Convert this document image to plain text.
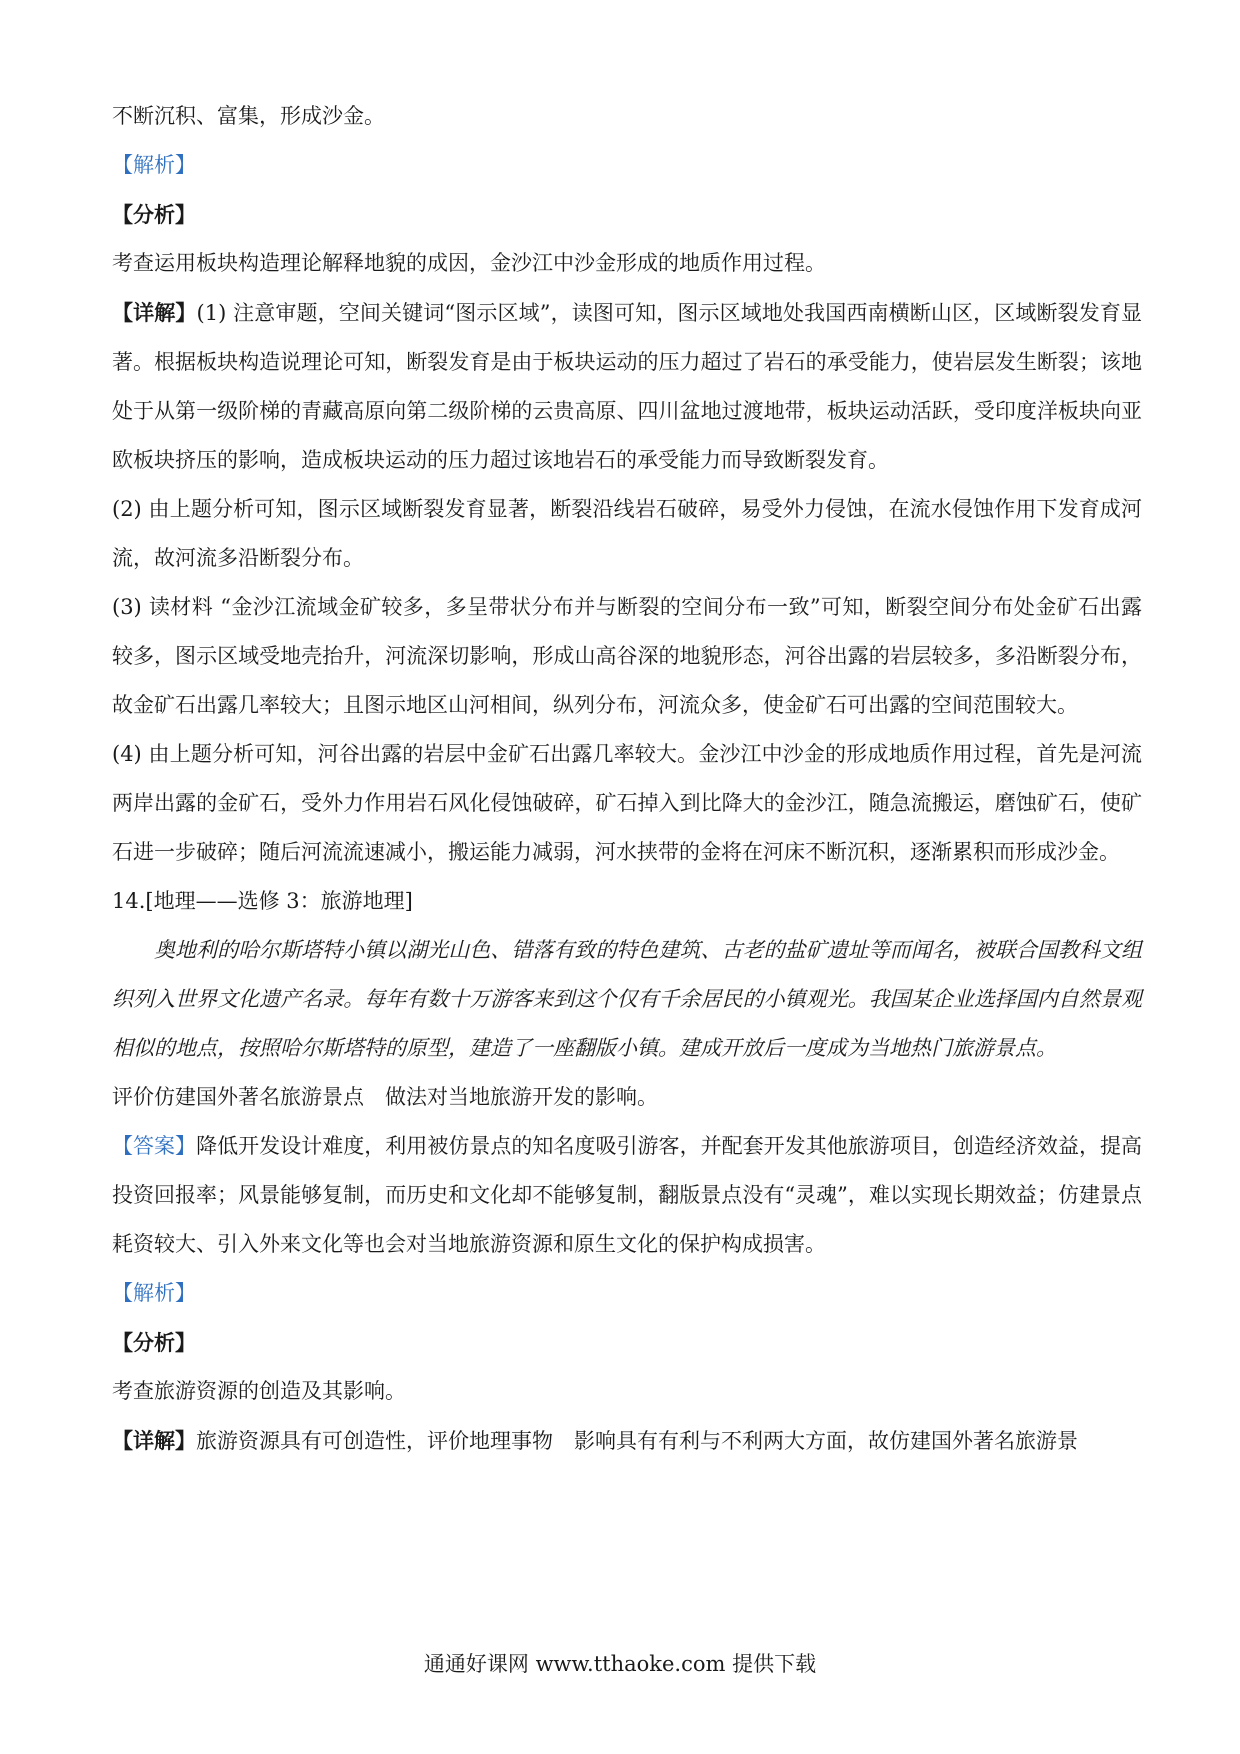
不断沉积、富集，形成沙金。

【解析】

【分析】

考查运用板块构造理论解释地貌的成因，金沙江中沙金形成的地质作用过程。

【详解】(1) 注意审题，空间关键词“图示区域”，读图可知，图示区域地处我国西南横断山区，区域断裂发育显著。根据板块构造说理论可知，断裂发育是由于板块运动的压力超过了岩石的承受能力，使岩层发生断裂；该地处于从第一级阶梯的青藏高原向第二级阶梯的云贵高原、四川盆地过渡地带，板块运动活跃，受印度洋板块向亚欧板块挤压的影响，造成板块运动的压力超过该地岩石的承受能力而导致断裂发育。

(2) 由上题分析可知，图示区域断裂发育显著，断裂沿线岩石破碎，易受外力侵蚀，在流水侵蚀作用下发育成河流，故河流多沿断裂分布。

(3) 读材料 “金沙江流域金矿较多，多呈带状分布并与断裂的空间分布一致”可知，断裂空间分布处金矿石出露较多，图示区域受地壳抬升，河流深切影响，形成山高谷深的地貌形态，河谷出露的岩层较多，多沿断裂分布，故金矿石出露几率较大；且图示地区山河相间，纵列分布，河流众多，使金矿石可出露的空间范围较大。

(4) 由上题分析可知，河谷出露的岩层中金矿石出露几率较大。金沙江中沙金的形成地质作用过程，首先是河流两岸出露的金矿石，受外力作用岩石风化侵蚀破碎，矿石掉入到比降大的金沙江，随急流搬运，磨蚀矿石，使矿石进一步破碎；随后河流流速减小，搬运能力减弱，河水挟带的金将在河床不断沉积，逐渐累积而形成沙金。

14.[地理——选修 3：旅游地理]

奥地利的哈尔斯塔特小镇以湖光山色、错落有致的特色建筑、古老的盐矿遗址等而闻名，被联合国教科文组织列入世界文化遗产名录。每年有数十万游客来到这个仅有千余居民的小镇观光。我国某企业选择国内自然景观相似的地点，按照哈尔斯塔特的原型，建造了一座翻版小镇。建成开放后一度成为当地热门旅游景点。

评价仿建国外著名旅游景点　做法对当地旅游开发的影响。

【答案】降低开发设计难度，利用被仿景点的知名度吸引游客，并配套开发其他旅游项目，创造经济效益，提高投资回报率；风景能够复制，而历史和文化却不能够复制，翻版景点没有“灵魂”，难以实现长期效益；仿建景点耗资较大、引入外来文化等也会对当地旅游资源和原生文化的保护构成损害。

【解析】

【分析】

考查旅游资源的创造及其影响。

【详解】旅游资源具有可创造性，评价地理事物　影响具有有利与不利两大方面，故仿建国外著名旅游景

通通好课网 www.tthaoke.com 提供下载
